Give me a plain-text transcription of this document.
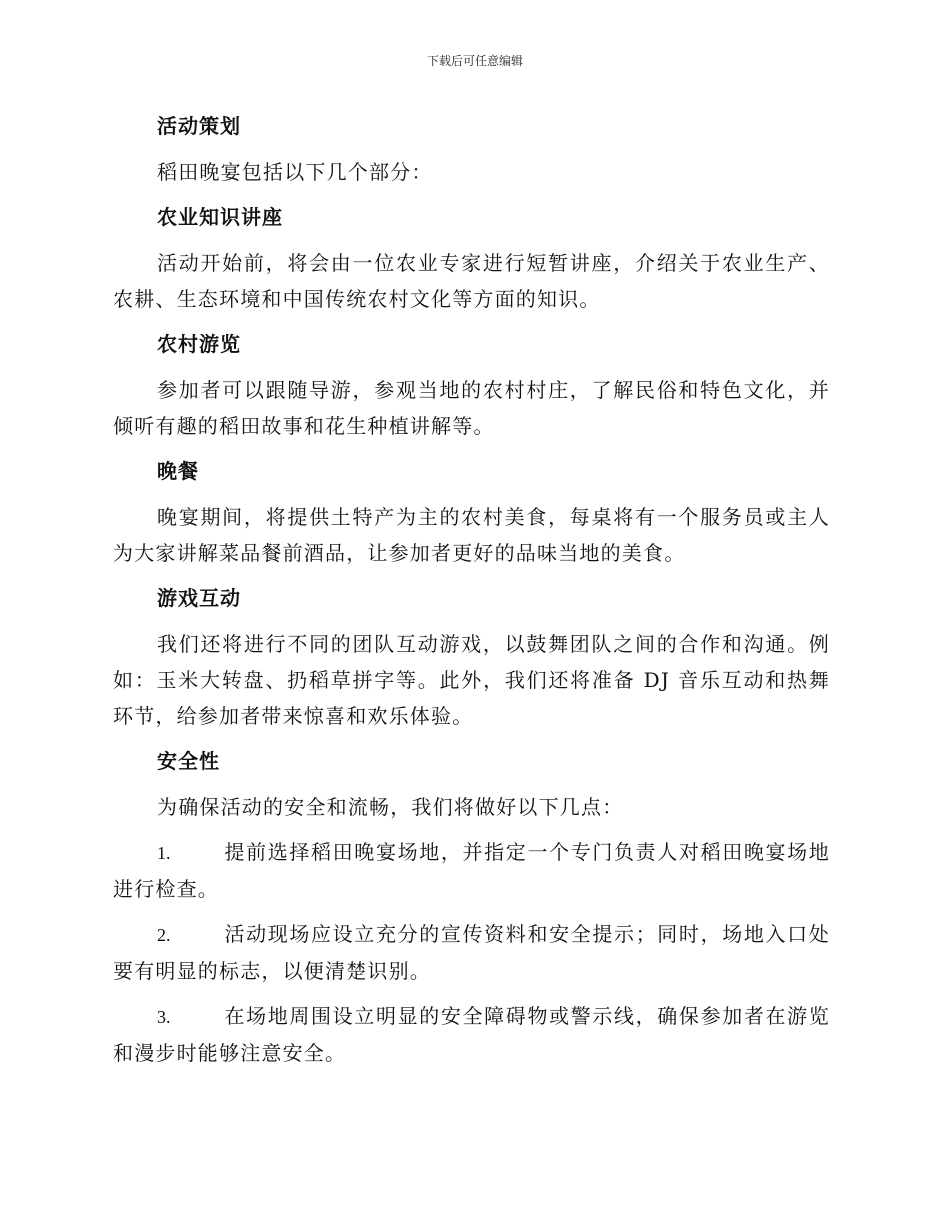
下载后可任意编辑
活动策划

稻田晚宴包括以下几个部分：

农业知识讲座

活动开始前，将会由一位农业专家进行短暂讲座，介绍关于农业生产、农耕、生态环境和中国传统农村文化等方面的知识。

农村游览

参加者可以跟随导游，参观当地的农村村庄，了解民俗和特色文化，并倾听有趣的稻田故事和花生种植讲解等。

晚餐

晚宴期间，将提供土特产为主的农村美食，每桌将有一个服务员或主人为大家讲解菜品餐前酒品，让参加者更好的品味当地的美食。

游戏互动

我们还将进行不同的团队互动游戏，以鼓舞团队之间的合作和沟通。例如：玉米大转盘、扔稻草拼字等。此外，我们还将准备 DJ 音乐互动和热舞环节，给参加者带来惊喜和欢乐体验。

安全性

为确保活动的安全和流畅，我们将做好以下几点：

1.	提前选择稻田晚宴场地，并指定一个专门负责人对稻田晚宴场地进行检查。

2.	活动现场应设立充分的宣传资料和安全提示；同时，场地入口处要有明显的标志，以便清楚识别。

3.	在场地周围设立明显的安全障碍物或警示线，确保参加者在游览和漫步时能够注意安全。
